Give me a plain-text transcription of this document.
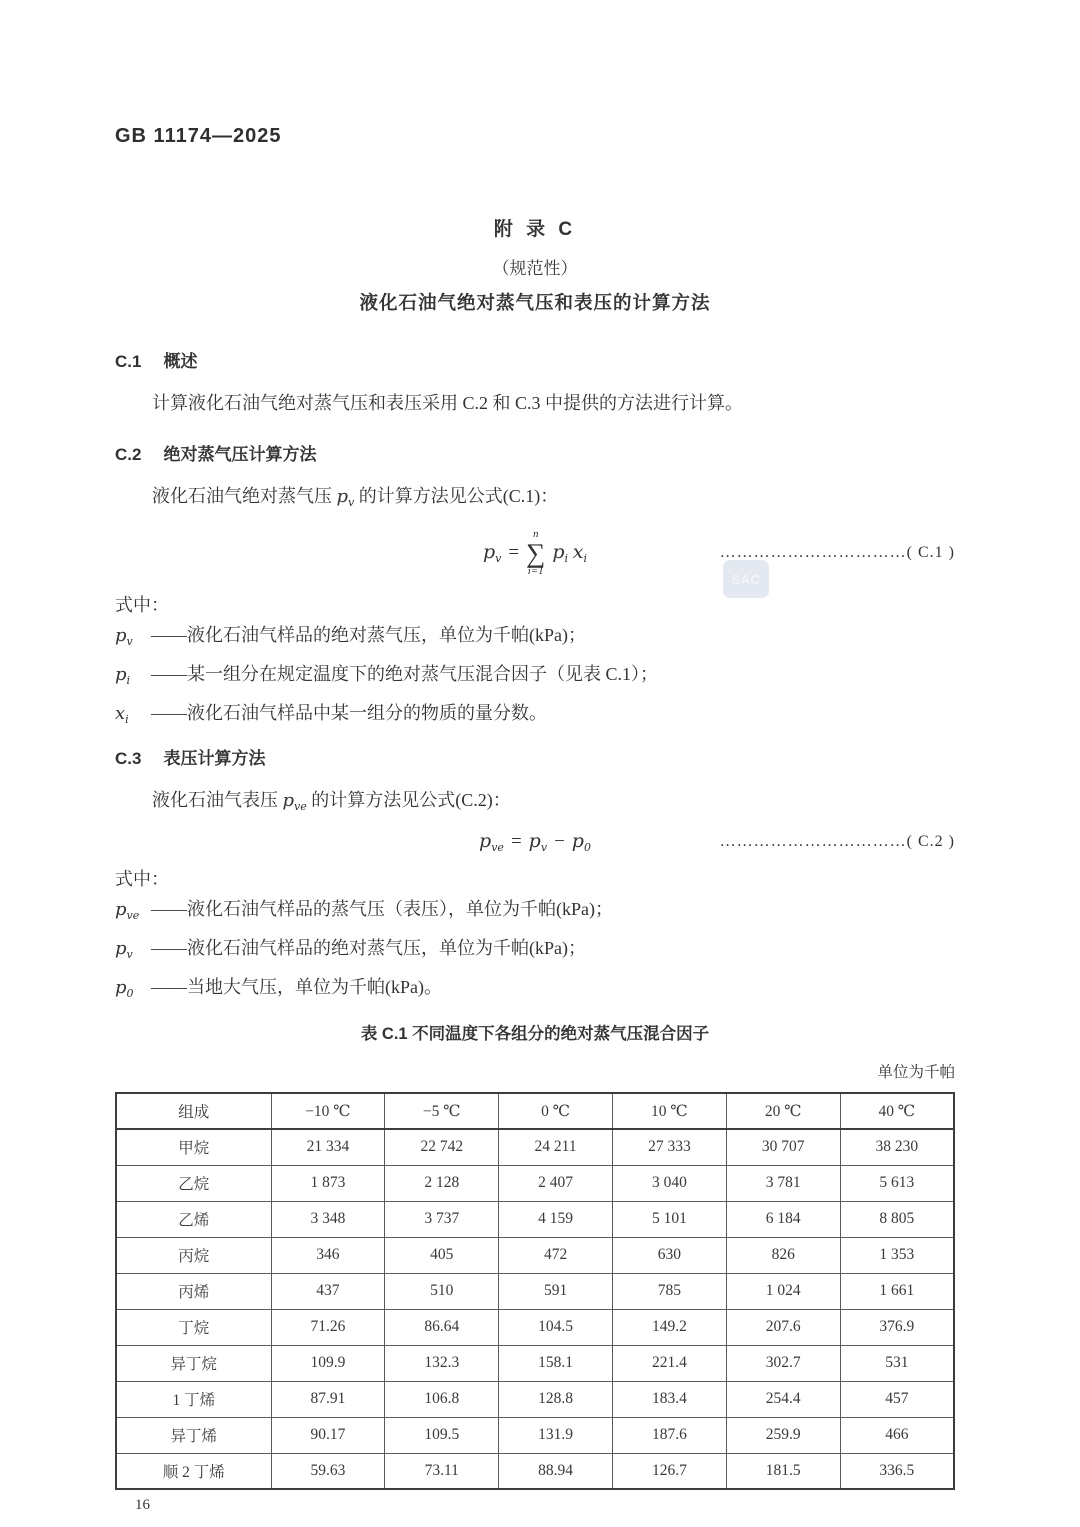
SAC
GB 11174—2025
附 录 C
（规范性）
液化石油气绝对蒸气压和表压的计算方法
C.1 概述

计算液化石油气绝对蒸气压和表压采用 C.2 和 C.3 中提供的方法进行计算。

C.2 绝对蒸气压计算方法

液化石油气绝对蒸气压 $p_v$ 的计算方法见公式(C.1)：

$p_v$ =
n
∑
i=1
$p_i$ $x_i$	……………………………( C.1 )
式中：
$p_v$ ——液化石油气样品的绝对蒸气压，单位为千帕(kPa)；
$p_i$ ——某一组分在规定温度下的绝对蒸气压混合因子（见表 C.1）；
$x_i$ ——液化石油气样品中某一组分的物质的量分数。
C.3 表压计算方法

液化石油气表压 $p_{ve}$ 的计算方法见公式(C.2)：

$p_{ve} = p_v - p_0$	……………………………( C.2 )
式中：
$p_{ve}$ ——液化石油气样品的蒸气压（表压），单位为千帕(kPa)；
$p_v$ ——液化石油气样品的绝对蒸气压，单位为千帕(kPa)；
$p_0$ ——当地大气压，单位为千帕(kPa)。
表 C.1 不同温度下各组分的绝对蒸气压混合因子
单位为千帕
组成	−10 ℃	−5 ℃	0 ℃	10 ℃	20 ℃	40 ℃
甲烷	21 334	22 742	24 211	27 333	30 707	38 230
乙烷	1 873	2 128	2 407	3 040	3 781	5 613
乙烯	3 348	3 737	4 159	5 101	6 184	8 805
丙烷	346	405	472	630	826	1 353
丙烯	437	510	591	785	1 024	1 661
丁烷	71.26	86.64	104.5	149.2	207.6	376.9
异丁烷	109.9	132.3	158.1	221.4	302.7	531
1 丁烯	87.91	106.8	128.8	183.4	254.4	457
异丁烯	90.17	109.5	131.9	187.6	259.9	466
顺 2 丁烯	59.63	73.11	88.94	126.7	181.5	336.5
16
